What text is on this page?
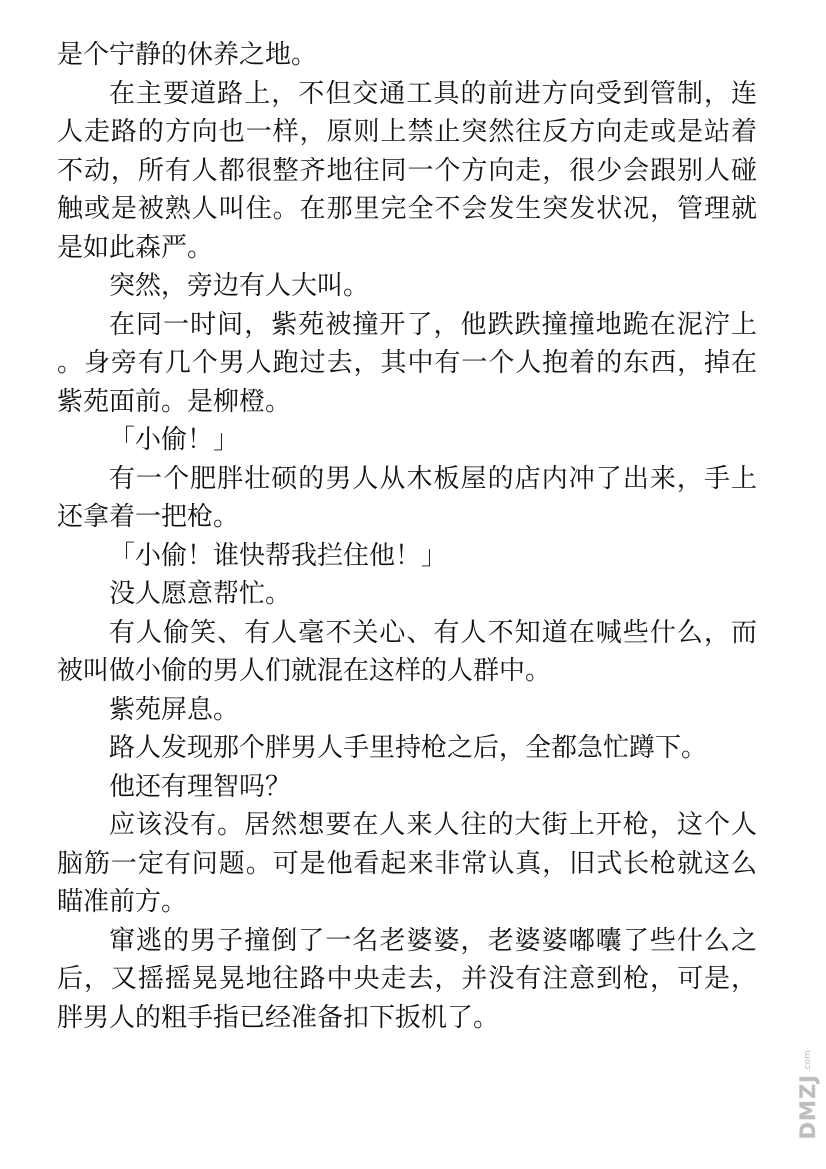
是个宁静的休养之地。

在主要道路上，不但交通工具的前进方向受到管制，连人走路的方向也一样，原则上禁止突然往反方向走或是站着不动，所有人都很整齐地往同一个方向走，很少会跟别人碰触或是被熟人叫住。在那里完全不会发生突发状况，管理就是如此森严。

突然，旁边有人大叫。

在同一时间，紫苑被撞开了，他跌跌撞撞地跪在泥泞上。身旁有几个男人跑过去，其中有一个人抱着的东西，掉在紫苑面前。是柳橙。

「小偷！」

有一个肥胖壮硕的男人从木板屋的店内冲了出来，手上还拿着一把枪。

「小偷！谁快帮我拦住他！」

没人愿意帮忙。

有人偷笑、有人毫不关心、有人不知道在喊些什么，而被叫做小偷的男人们就混在这样的人群中。

紫苑屏息。

路人发现那个胖男人手里持枪之后，全都急忙蹲下。

他还有理智吗？

应该没有。居然想要在人来人往的大街上开枪，这个人脑筋一定有问题。可是他看起来非常认真，旧式长枪就这么瞄准前方。

窜逃的男子撞倒了一名老婆婆，老婆婆嘟囔了些什么之后，又摇摇晃晃地往路中央走去，并没有注意到枪，可是，胖男人的粗手指已经准备扣下扳机了。

.com
DMZJ
